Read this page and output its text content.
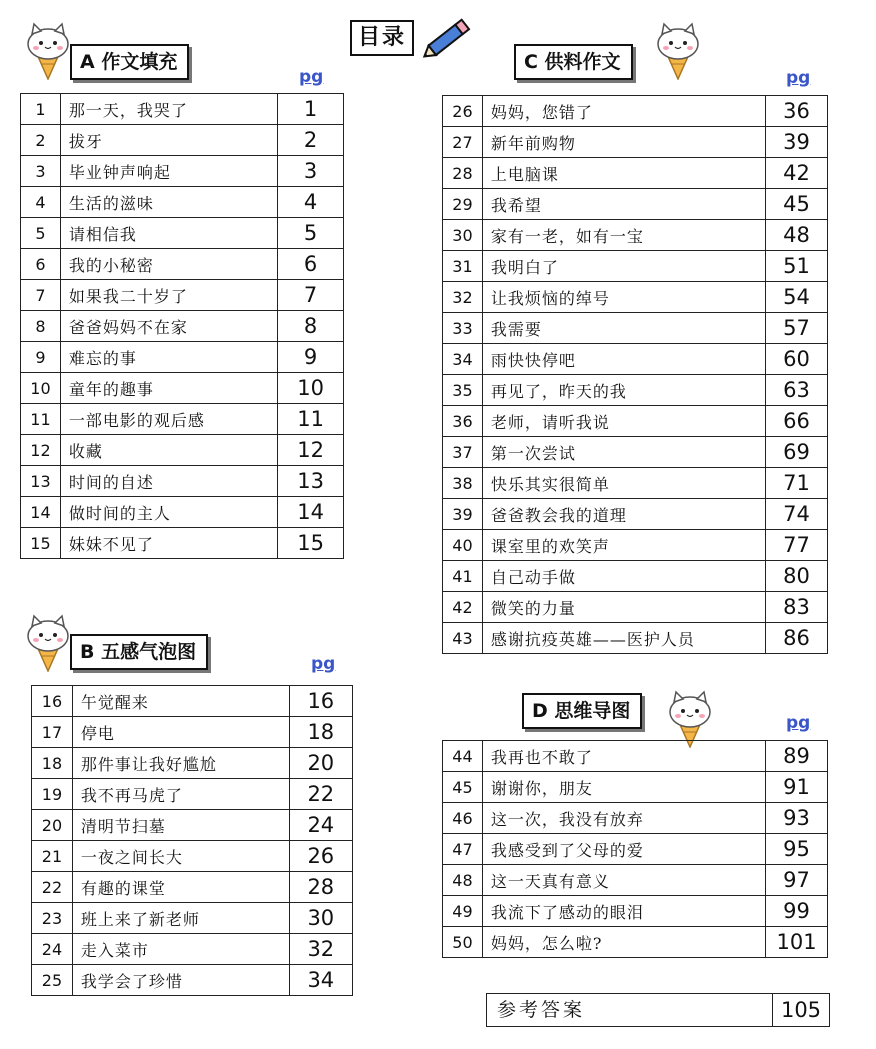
目录
A 作文填充
pg
1	那一天，我哭了	1
2	拔牙	2
3	毕业钟声响起	3
4	生活的滋味	4
5	请相信我	5
6	我的小秘密	6
7	如果我二十岁了	7
8	爸爸妈妈不在家	8
9	难忘的事	9
10	童年的趣事	10
11	一部电影的观后感	11
12	收藏	12
13	时间的自述	13
14	做时间的主人	14
15	妹妹不见了	15
B 五感气泡图
pg
16	午觉醒来	16
17	停电	18
18	那件事让我好尴尬	20
19	我不再马虎了	22
20	清明节扫墓	24
21	一夜之间长大	26
22	有趣的课堂	28
23	班上来了新老师	30
24	走入菜市	32
25	我学会了珍惜	34
C 供料作文
pg
26	妈妈，您错了	36
27	新年前购物	39
28	上电脑课	42
29	我希望	45
30	家有一老，如有一宝	48
31	我明白了	51
32	让我烦恼的绰号	54
33	我需要	57
34	雨快快停吧	60
35	再见了，昨天的我	63
36	老师，请听我说	66
37	第一次尝试	69
38	快乐其实很简单	71
39	爸爸教会我的道理	74
40	课室里的欢笑声	77
41	自己动手做	80
42	微笑的力量	83
43	感谢抗疫英雄——医护人员	86
D 思维导图
pg
44	我再也不敢了	89
45	谢谢你，朋友	91
46	这一次，我没有放弃	93
47	我感受到了父母的爱	95
48	这一天真有意义	97
49	我流下了感动的眼泪	99
50	妈妈，怎么啦?	101
参考答案	105
